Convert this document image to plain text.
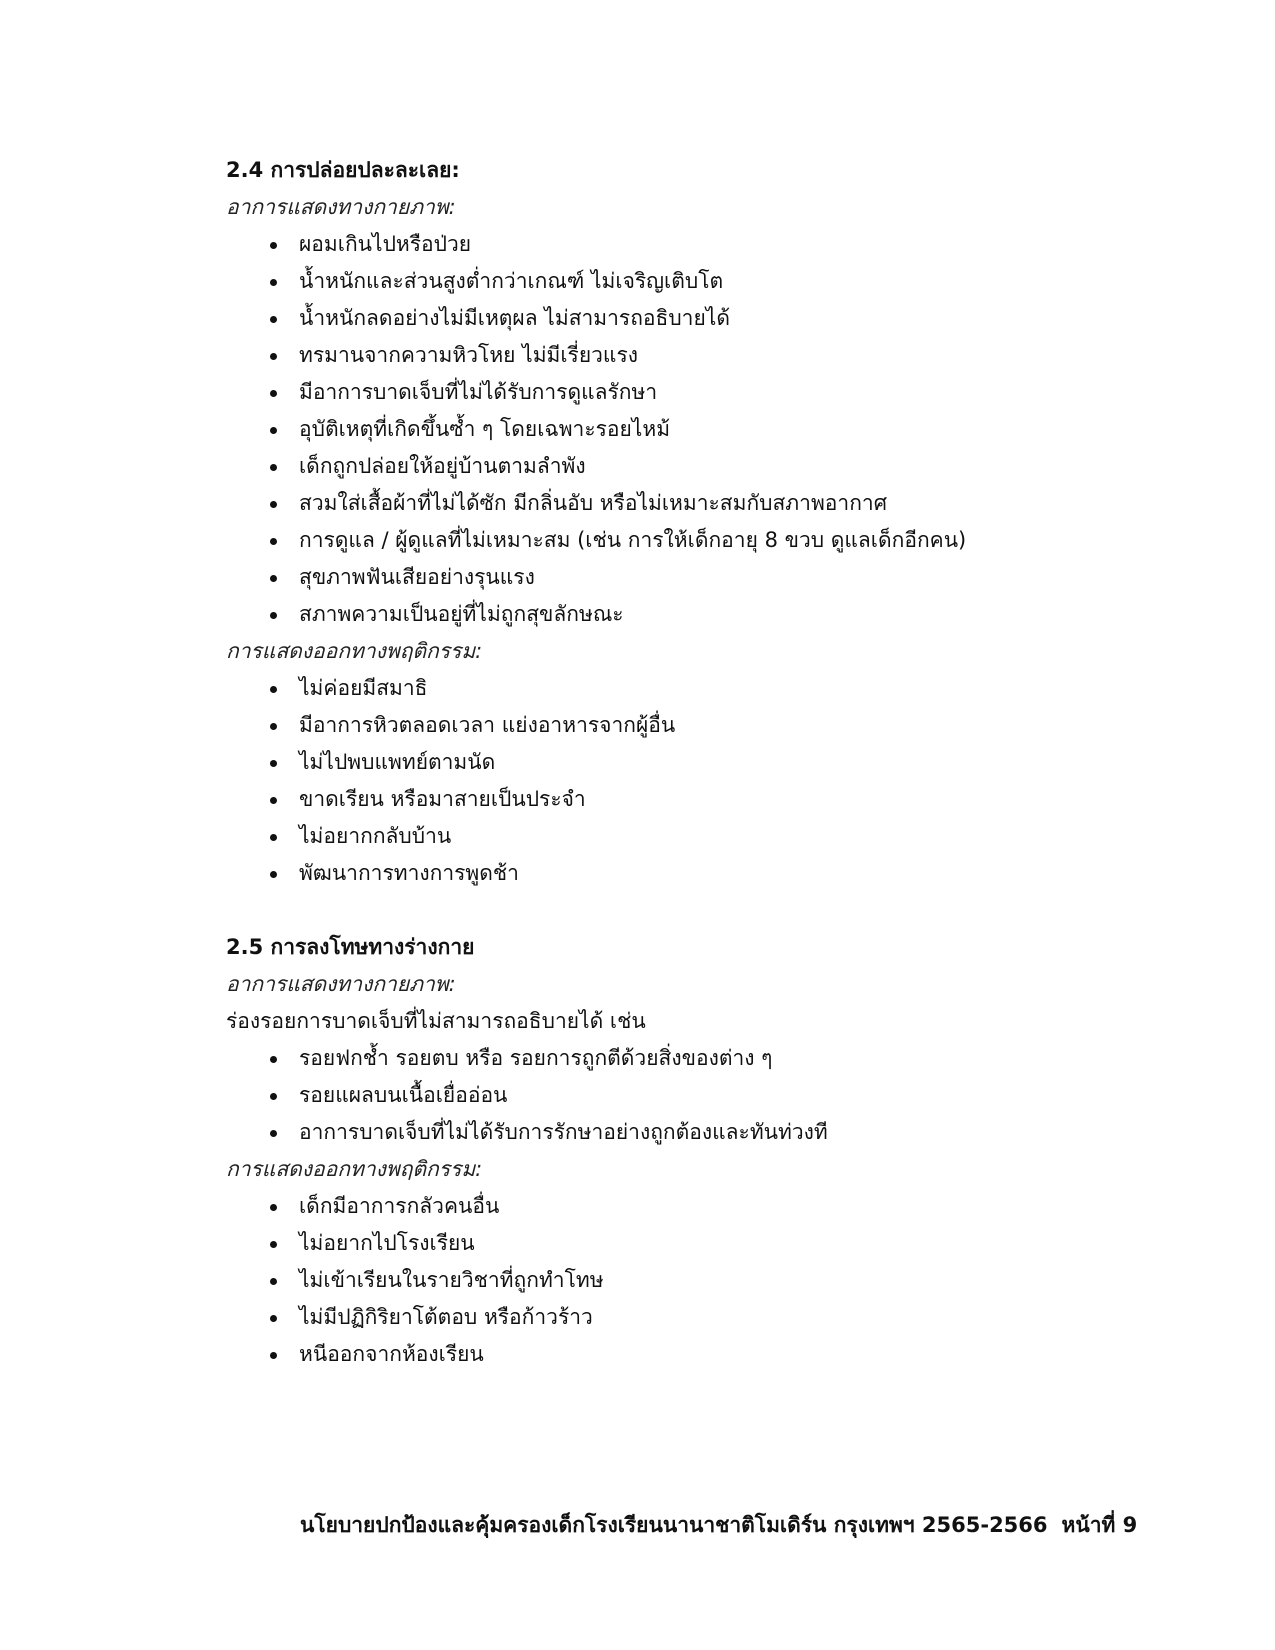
2.4 การปล่อยปละละเลย:
อาการแสดงทางกายภาพ:
ผอมเกินไปหรือป่วย
น้ำหนักและส่วนสูงต่ำกว่าเกณฑ์ ไม่เจริญเติบโต
น้ำหนักลดอย่างไม่มีเหตุผล ไม่สามารถอธิบายได้
ทรมานจากความหิวโหย ไม่มีเรี่ยวแรง
มีอาการบาดเจ็บที่ไม่ได้รับการดูแลรักษา
อุบัติเหตุที่เกิดขึ้นซ้ำ ๆ โดยเฉพาะรอยไหม้
เด็กถูกปล่อยให้อยู่บ้านตามลำพัง
สวมใส่เสื้อผ้าที่ไม่ได้ซัก มีกลิ่นอับ หรือไม่เหมาะสมกับสภาพอากาศ
การดูแล / ผู้ดูแลที่ไม่เหมาะสม (เช่น การให้เด็กอายุ 8 ขวบ ดูแลเด็กอีกคน)
สุขภาพฟันเสียอย่างรุนแรง
สภาพความเป็นอยู่ที่ไม่ถูกสุขลักษณะ
การแสดงออกทางพฤติกรรม:
ไม่ค่อยมีสมาธิ
มีอาการหิวตลอดเวลา แย่งอาหารจากผู้อื่น
ไม่ไปพบแพทย์ตามนัด
ขาดเรียน หรือมาสายเป็นประจำ
ไม่อยากกลับบ้าน
พัฒนาการทางการพูดช้า
2.5 การลงโทษทางร่างกาย
อาการแสดงทางกายภาพ:
ร่องรอยการบาดเจ็บที่ไม่สามารถอธิบายได้ เช่น
รอยฟกช้ำ รอยตบ หรือ รอยการถูกตีด้วยสิ่งของต่าง ๆ
รอยแผลบนเนื้อเยื่ออ่อน
อาการบาดเจ็บที่ไม่ได้รับการรักษาอย่างถูกต้องและทันท่วงที
การแสดงออกทางพฤติกรรม:
เด็กมีอาการกลัวคนอื่น
ไม่อยากไปโรงเรียน
ไม่เข้าเรียนในรายวิชาที่ถูกทำโทษ
ไม่มีปฏิกิริยาโต้ตอบ หรือก้าวร้าว
หนีออกจากห้องเรียน
นโยบายปกป้องและคุ้มครองเด็กโรงเรียนนานาชาติโมเดิร์น กรุงเทพฯ 2565-2566 หน้าที่ 9
